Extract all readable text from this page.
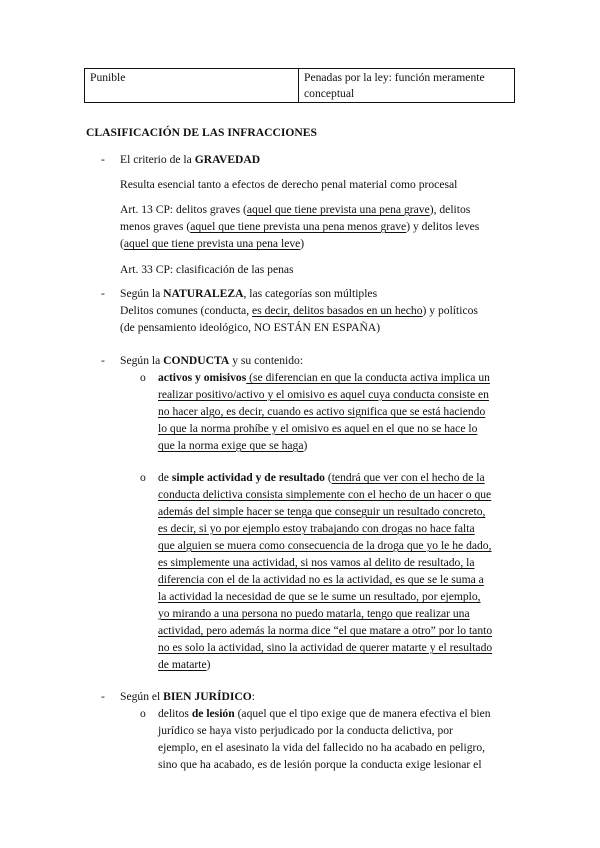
Punible	Penadas por la ley: función meramente
conceptual
CLASIFICACIÓN DE LAS INFRACCIONES
- El criterio de la GRAVEDAD
Resulta esencial tanto a efectos de derecho penal material como procesal
Art. 13 CP: delitos graves (aquel que tiene prevista una pena grave), delitos
menos graves (aquel que tiene prevista una pena menos grave) y delitos leves
(aquel que tiene prevista una pena leve)
Art. 33 CP: clasificación de las penas
- Según la NATURALEZA, las categorías son múltiples
Delitos comunes (conducta, es decir, delitos basados en un hecho) y políticos
(de pensamiento ideológico, NO ESTÁN EN ESPAÑA)
- Según la CONDUCTA y su contenido:
o activos y omisivos (se diferencian en que la conducta activa implica un
realizar positivo/activo y el omisivo es aquel cuya conducta consiste en
no hacer algo, es decir, cuando es activo significa que se está haciendo
lo que la norma prohíbe y el omisivo es aquel en el que no se hace lo
que la norma exige que se haga)
o de simple actividad y de resultado (tendrá que ver con el hecho de la
conducta delictiva consista simplemente con el hecho de un hacer o que
además del simple hacer se tenga que conseguir un resultado concreto,
es decir, si yo por ejemplo estoy trabajando con drogas no hace falta
que alguien se muera como consecuencia de la droga que yo le he dado,
es simplemente una actividad, si nos vamos al delito de resultado, la
diferencia con el de la actividad no es la actividad, es que se le suma a
la actividad la necesidad de que se le sume un resultado, por ejemplo,
yo mirando a una persona no puedo matarla, tengo que realizar una
actividad, pero además la norma dice “el que matare a otro” por lo tanto
no es solo la actividad, sino la actividad de querer matarte y el resultado
de matarte)
- Según el BIEN JURÍDICO:
o delitos de lesión (aquel que el tipo exige que de manera efectiva el bien
jurídico se haya visto perjudicado por la conducta delictiva, por
ejemplo, en el asesinato la vida del fallecido no ha acabado en peligro,
sino que ha acabado, es de lesión porque la conducta exige lesionar el
